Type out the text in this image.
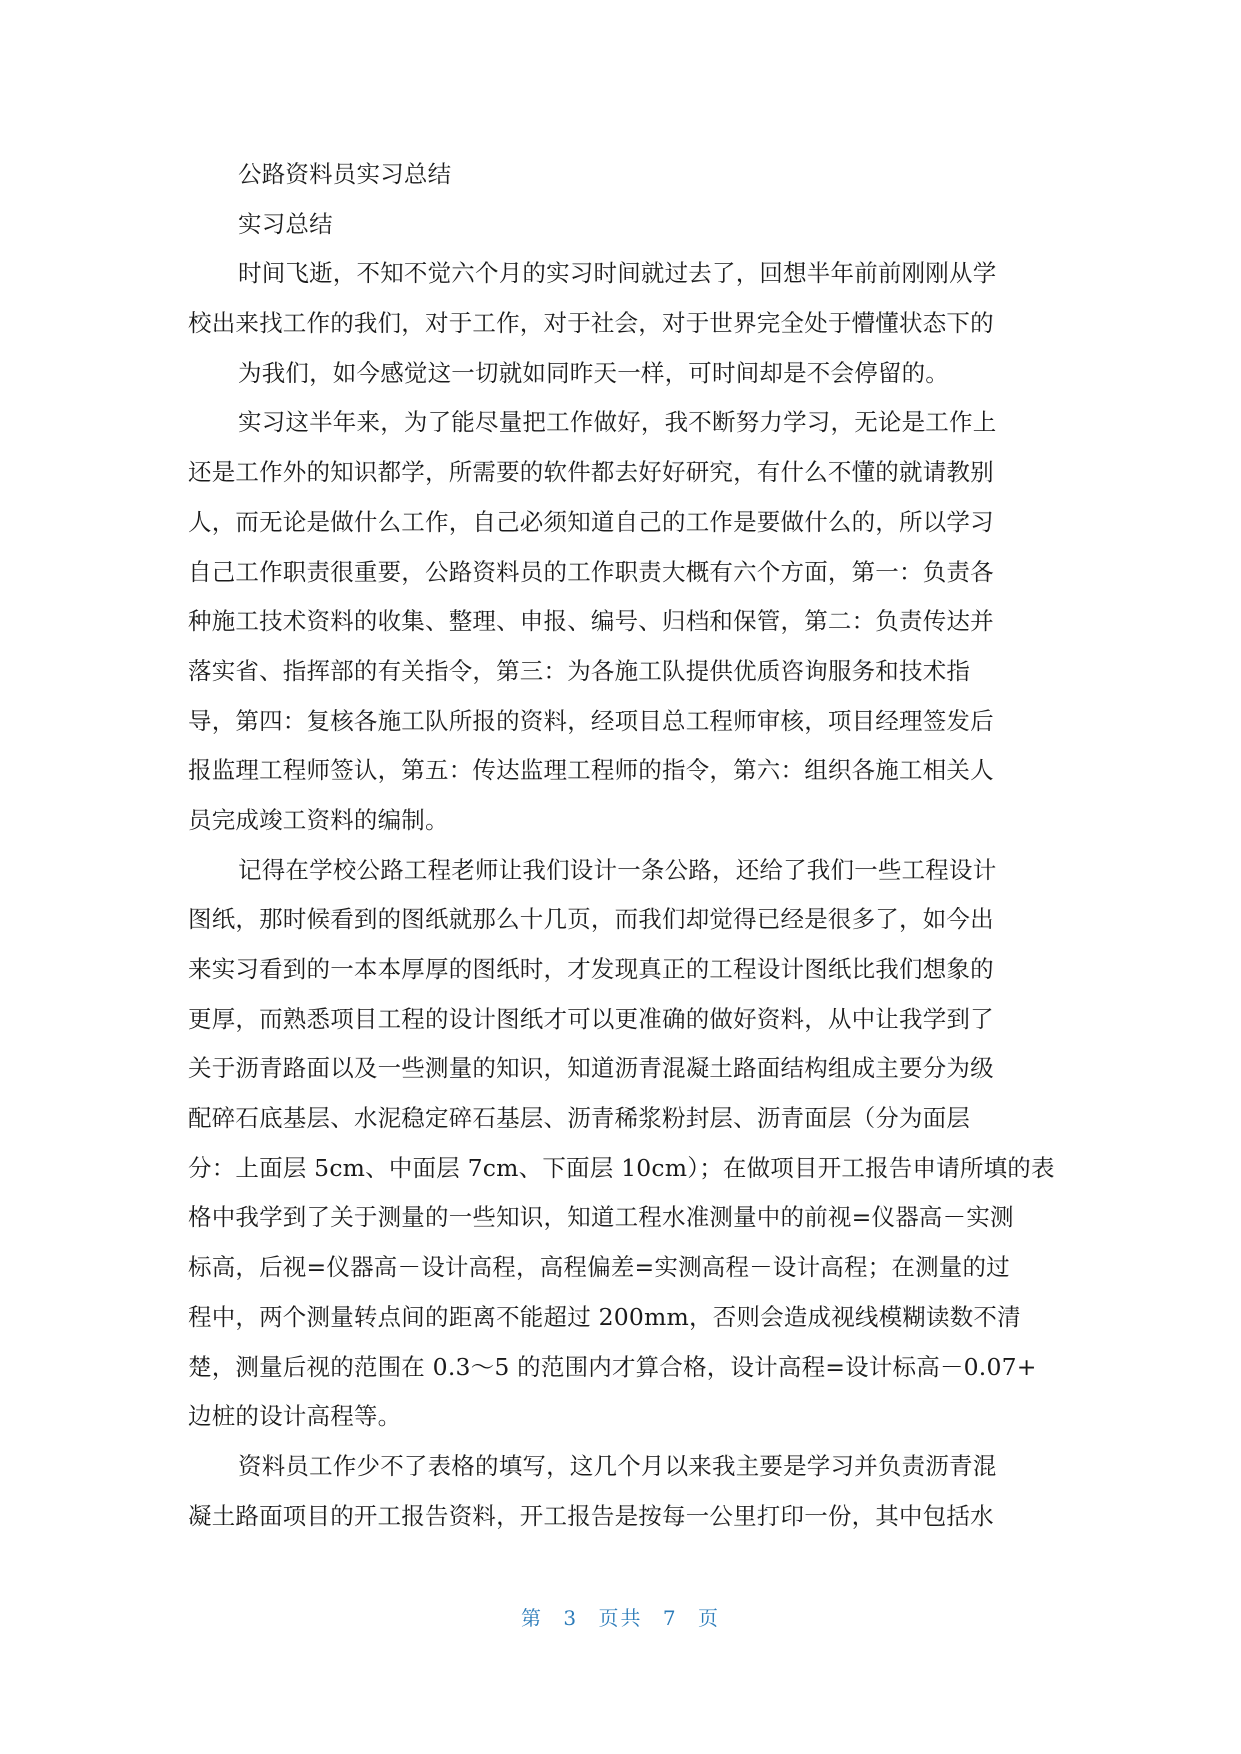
公路资料员实习总结
实习总结
时间飞逝，不知不觉六个月的实习时间就过去了，回想半年前前刚刚从学
校出来找工作的我们，对于工作，对于社会，对于世界完全处于懵懂状态下的
为我们，如今感觉这一切就如同昨天一样，可时间却是不会停留的。
实习这半年来，为了能尽量把工作做好，我不断努力学习，无论是工作上
还是工作外的知识都学，所需要的软件都去好好研究，有什么不懂的就请教别
人，而无论是做什么工作，自己必须知道自己的工作是要做什么的，所以学习
自己工作职责很重要，公路资料员的工作职责大概有六个方面，第一：负责各
种施工技术资料的收集、整理、申报、编号、归档和保管，第二：负责传达并
落实省、指挥部的有关指令，第三：为各施工队提供优质咨询服务和技术指
导，第四：复核各施工队所报的资料，经项目总工程师审核，项目经理签发后
报监理工程师签认，第五：传达监理工程师的指令，第六：组织各施工相关人
员完成竣工资料的编制。
记得在学校公路工程老师让我们设计一条公路，还给了我们一些工程设计
图纸，那时候看到的图纸就那么十几页，而我们却觉得已经是很多了，如今出
来实习看到的一本本厚厚的图纸时，才发现真正的工程设计图纸比我们想象的
更厚，而熟悉项目工程的设计图纸才可以更准确的做好资料，从中让我学到了
关于沥青路面以及一些测量的知识，知道沥青混凝土路面结构组成主要分为级
配碎石底基层、水泥稳定碎石基层、沥青稀浆粉封层、沥青面层（分为面层
分：上面层 5cm、中面层 7cm、下面层 10cm）；在做项目开工报告申请所填的表
格中我学到了关于测量的一些知识，知道工程水准测量中的前视=仪器高－实测
标高，后视=仪器高－设计高程，高程偏差=实测高程－设计高程；在测量的过
程中，两个测量转点间的距离不能超过 200mm，否则会造成视线模糊读数不清
楚，测量后视的范围在 0.3～5 的范围内才算合格，设计高程=设计标高－0.07+
边桩的设计高程等。
资料员工作少不了表格的填写，这几个月以来我主要是学习并负责沥青混
凝土路面项目的开工报告资料，开工报告是按每一公里打印一份，其中包括水
第 3 页共 7 页
